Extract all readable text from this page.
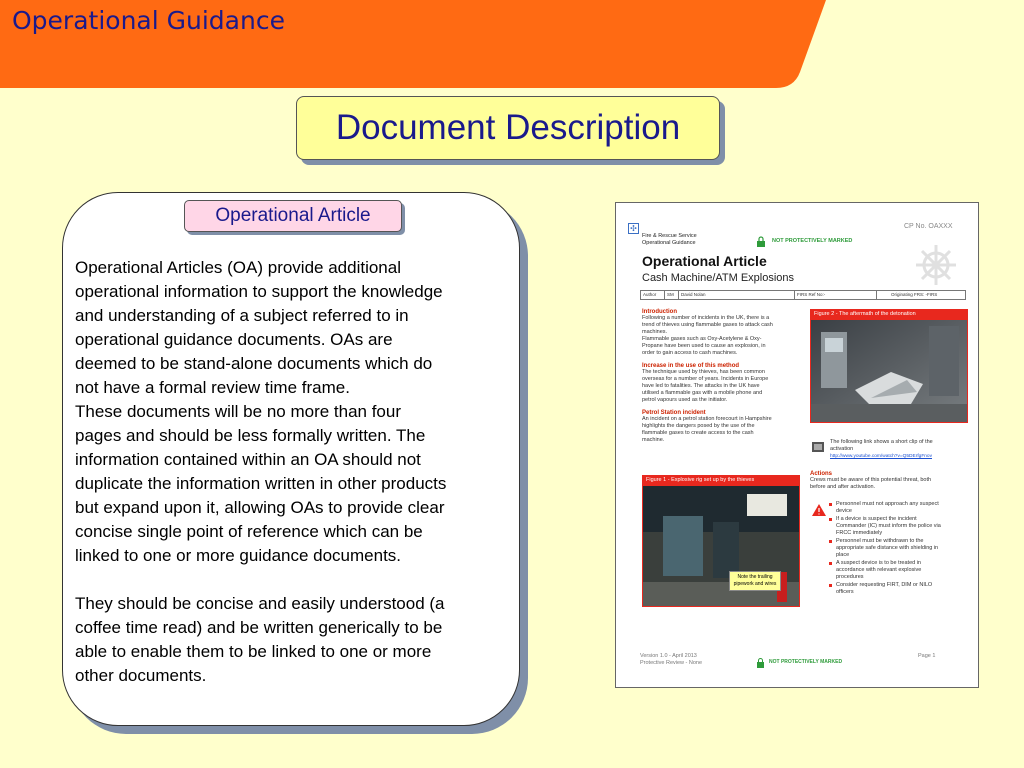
Operational Guidance
Document Description
Operational Article

Operational Articles (OA) provide additional

operational information to support the knowledge

and understanding of a subject referred to in

operational guidance documents. OAs are

deemed to be stand-alone documents which do

not have a formal review time frame.

These documents will be no more than four

pages and should be less formally written. The

information contained within an OA should not

duplicate the information written in other products

but expand upon it, allowing OAs to provide clear

concise single point of reference which can be

linked to one or more guidance documents.

They should be concise and easily understood (a

coffee time read) and be written generically to be

able to enable them to be linked to one or more

other documents.

✣	CP No. OAXXX
Fire & Rescue Service
Operational Guidance	NOT PROTECTIVELY MARKED
Operational Article
Cash Machine/ATM Explosions
Author	SM	David Nolan	FIRS Ref No:-	Originating FRS: -FIRS
Introduction
Following a number of incidents in the UK, there is a
trend of thieves using flammable gases to attack cash
machines.
Flammable gases such as Oxy-Acetylene & Oxy-
Propane have been used to cause an explosion, in
order to gain access to cash machines.
Increase in the use of this method
The technique used by thieves, has been common
overseas for a number of years. Incidents in Europe
have led to fatalities. The attacks in the UK have
utilised a flammable gas with a mobile phone and
petrol vapours used as the initiator.
Petrol Station incident
An incident on a petrol station forecourt in Hampshire
highlights the dangers posed by the use of the
flammable gases to create access to the cash
machine.
Figure 2 - The aftermath of the detonation
The following link shows a short clip of the
activation
http://www.youtube.com/watch?v=Q5DErfgFnov
Figure 1 - Explosive rig set up by the thieves
Note the trailing
pipework and wires
Actions
Crews must be aware of this potential threat, both
before and after activation.
Personnel must not approach any suspect
device
If a device is suspect the incident
Commander (IC) must inform the police via
FRCC immediately
Personnel must be withdrawn to the
appropriate safe distance with shielding in
place
A suspect device is to be treated in
accordance with relevant explosive
procedures
Consider requesting FIRT, DIM or NILO
officers
Version 1.0 - April 2013
Protective Review - None	NOT PROTECTIVELY MARKED
Page 1
